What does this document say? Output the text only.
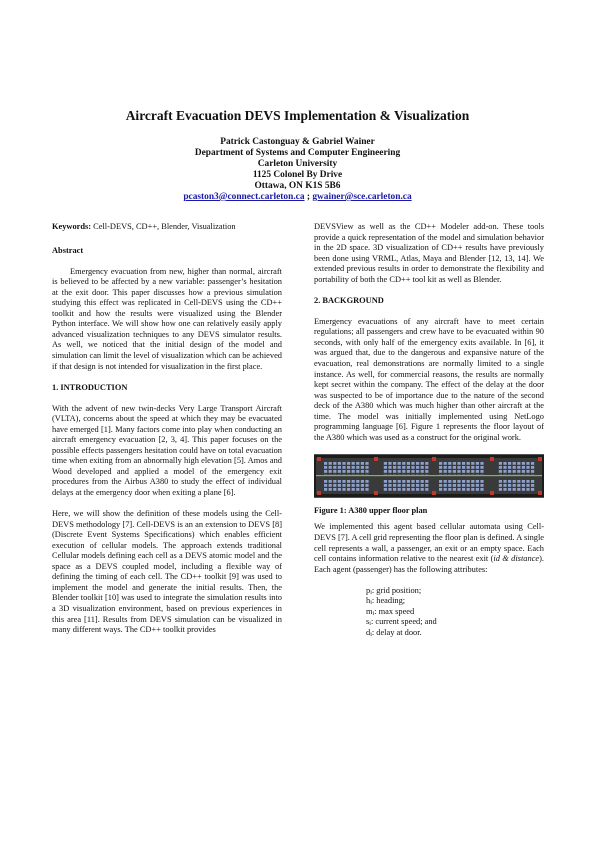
Aircraft Evacuation DEVS Implementation & Visualization
Patrick Castonguay & Gabriel Wainer
Department of Systems and Computer Engineering
Carleton University
1125 Colonel By Drive
Ottawa, ON K1S 5B6
pcaston3@connect.carleton.ca ; gwainer@sce.carleton.ca

Keywords: Cell-DEVS, CD++, Blender, Visualization

Abstract

Emergency evacuation from new, higher than normal, aircraft is believed to be affected by a new variable: passenger’s hesitation at the exit door. This paper discusses how a previous simulation studying this effect was replicated in Cell-DEVS using the CD++ toolkit and how the results were visualized using the Blender Python interface. We will show how one can relatively easily apply advanced visualization techniques to any DEVS simulator results. As well, we noticed that the initial design of the model and simulation can limit the level of visualization which can be achieved if that design is not intended for visualization in the first place.

1. INTRODUCTION

With the advent of new twin-decks Very Large Transport Aircraft (VLTA), concerns about the speed at which they may be evacuated have emerged [1]. Many factors come into play when conducting an aircraft emergency evacuation [2, 3, 4]. This paper focuses on the possible effects passengers hesitation could have on total evacuation time when exiting from an abnormally high elevation [5]. Amos and Wood developed and applied a model of the emergency exit procedures from the Airbus A380 to study the effect of individual delays at the emergency door when exiting a plane [6].

Here, we will show the definition of these models using the Cell-DEVS methodology [7]. Cell-DEVS is an an extension to DEVS [8] (Discrete Event Systems Specifications) which enables efficient execution of cellular models. The approach extends traditional Cellular models defining each cell as a DEVS atomic model and the space as a DEVS coupled model, including a flexible way of defining the timing of each cell. The CD++ toolkit [9] was used to implement the model and generate the initial results. Then, the Blender toolkit [10] was used to integrate the simulation results into a 3D visualization environment, based on previous experiences in this area [11]. Results from DEVS simulation can be visualized in many different ways. The CD++ toolkit provides

DEVSView as well as the CD++ Modeler add-on. These tools provide a quick representation of the model and simulation behavior in the 2D space. 3D visualization of CD++ results have previously been done using VRML, Atlas, Maya and Blender [12, 13, 14]. We extended previous results in order to demonstrate the flexibility and portability of both the CD++ tool kit as well as Blender.

2. BACKGROUND

Emergency evacuations of any aircraft have to meet certain regulations; all passengers and crew have to be evacuated within 90 seconds, with only half of the emergency exits available. In [6], it was argued that, due to the dangerous and expansive nature of the evacuation, real demonstrations are normally limited to a single instance. As well, for commercial reasons, the results are normally kept secret within the company. The effect of the delay at the door was suspected to be of importance due to the nature of the second deck of the A380 which was much higher than other aircraft at the time. The model was initially implemented using NetLogo programming language [6]. Figure 1 represents the floor layout of the A380 which was used as a construct for the original work.

Figure 1: A380 upper floor plan

We implemented this agent based cellular automata using Cell-DEVS [7]. A cell grid representing the floor plan is defined. A single cell represents a wall, a passenger, an exit or an empty space. Each cell contains information relative to the nearest exit (id & distance). Each agent (passenger) has the following attributes:

$p_i$: grid position;
$h_i$: heading;
$m_i$: max speed
$s_i$: current speed; and
$d_i$: delay at door.
